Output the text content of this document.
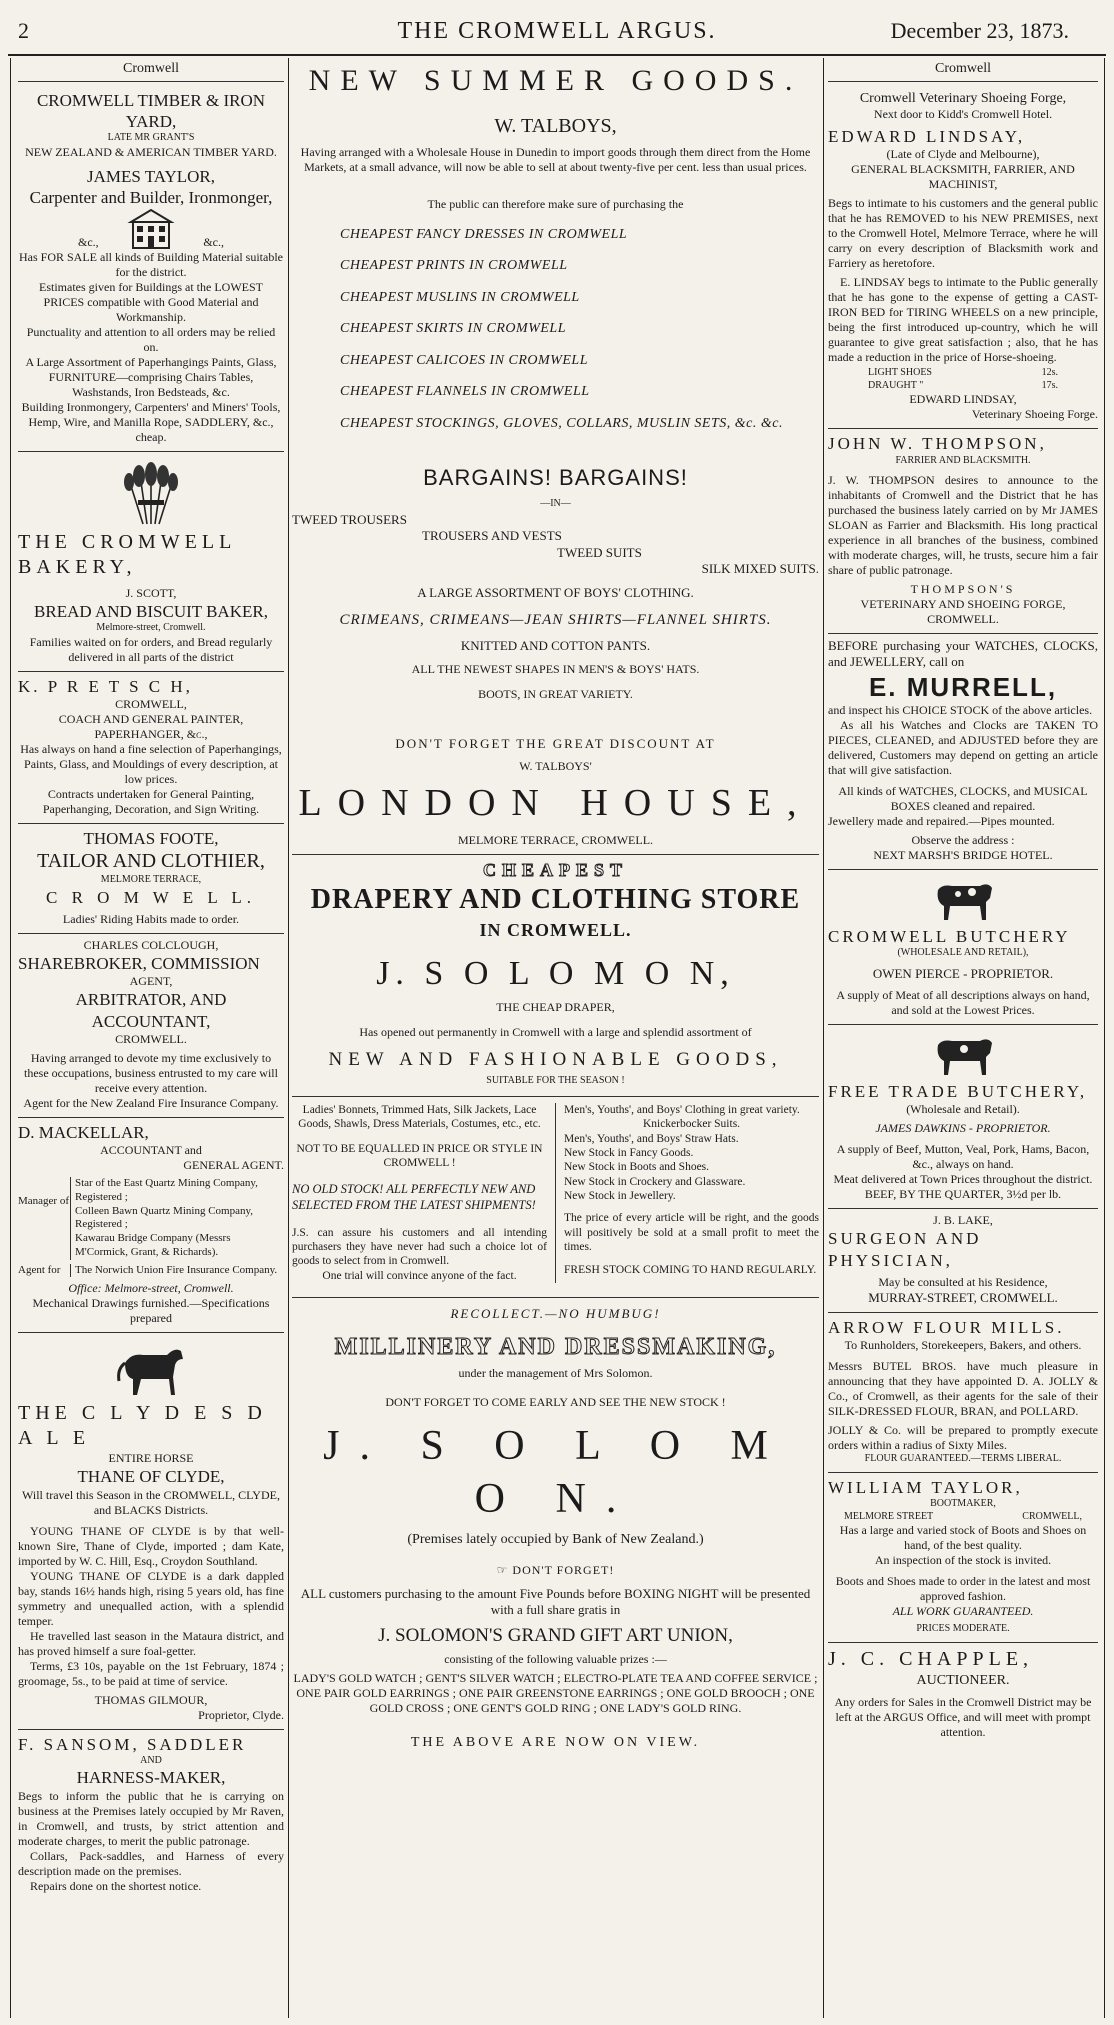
2	THE CROMWELL ARGUS.	December 23, 1873.
Cromwell
CROMWELL TIMBER & IRON YARD,
LATE MR GRANT'S
NEW ZEALAND & AMERICAN TIMBER YARD.
JAMES TAYLOR,
Carpenter and Builder, Ironmonger,
&c.,	&c.,
Has FOR SALE all kinds of Building Material suitable for the district.
Estimates given for Buildings at the LOWEST PRICES compatible with Good Material and Workmanship.
Punctuality and attention to all orders may be relied on.
A Large Assortment of Paperhangings Paints, Glass, FURNITURE—comprising Chairs Tables, Washstands, Iron Bedsteads, &c.
Building Ironmongery, Carpenters' and Miners' Tools, Hemp, Wire, and Manilla Rope, SADDLERY, &c., cheap.
THE CROMWELL BAKERY,
J. SCOTT,
BREAD AND BISCUIT BAKER,
Melmore-street, Cromwell.
Families waited on for orders, and Bread regularly delivered in all parts of the district
K. P R E T S C H,
CROMWELL,
COACH AND GENERAL PAINTER, PAPERHANGER, &c.,
Has always on hand a fine selection of Paperhangings, Paints, Glass, and Mouldings of every description, at low prices.
Contracts undertaken for General Painting, Paperhanging, Decoration, and Sign Writing.
THOMAS FOOTE,
TAILOR AND CLOTHIER,
MELMORE TERRACE,
C R O M W E L L.
Ladies' Riding Habits made to order.
CHARLES COLCLOUGH,
SHAREBROKER, COMMISSION
AGENT,
ARBITRATOR, AND ACCOUNTANT,
CROMWELL.
Having arranged to devote my time exclusively to these occupations, business entrusted to my care will receive every attention.
Agent for the New Zealand Fire Insurance Company.
D. MACKELLAR,
ACCOUNTANT and
GENERAL AGENT.
Manager of
Star of the East Quartz Mining Company, Registered ;
Colleen Bawn Quartz Mining Company, Registered ;
Kawarau Bridge Company (Messrs M'Cormick, Grant, & Richards).
Agent for	The Norwich Union Fire Insurance Company.
Office: Melmore-street, Cromwell.
Mechanical Drawings furnished.—Specifications prepared
THE C L Y D E S D A L E
ENTIRE HORSE
THANE OF CLYDE,
Will travel this Season in the CROMWELL, CLYDE, and BLACKS Districts.
YOUNG THANE OF CLYDE is by that well-known Sire, Thane of Clyde, imported ; dam Kate, imported by W. C. Hill, Esq., Croydon Southland.
YOUNG THANE OF CLYDE is a dark dappled bay, stands 16½ hands high, rising 5 years old, has fine symmetry and unequalled action, with a splendid temper.
He travelled last season in the Mataura district, and has proved himself a sure foal-getter.
Terms, £3 10s, payable on the 1st February, 1874 ; groomage, 5s., to be paid at time of service.
THOMAS GILMOUR,
Proprietor, Clyde.
F. SANSOM, SADDLER
AND
HARNESS-MAKER,
Begs to inform the public that he is carrying on business at the Premises lately occupied by Mr Raven, in Cromwell, and trusts, by strict attention and moderate charges, to merit the public patronage.
Collars, Pack-saddles, and Harness of every description made on the premises.
Repairs done on the shortest notice.
NEW SUMMER GOODS.
W. TALBOYS,
Having arranged with a Wholesale House in Dunedin to import goods through them direct from the Home Markets, at a small advance, will now be able to sell at about twenty-five per cent. less than usual prices.
The public can therefore make sure of purchasing the
CHEAPEST FANCY DRESSES IN CROMWELL
CHEAPEST PRINTS IN CROMWELL
CHEAPEST MUSLINS IN CROMWELL
CHEAPEST SKIRTS IN CROMWELL
CHEAPEST CALICOES IN CROMWELL
CHEAPEST FLANNELS IN CROMWELL
CHEAPEST STOCKINGS, GLOVES, COLLARS, MUSLIN SETS, &c. &c.
BARGAINS! BARGAINS!
—IN—
TWEED TROUSERS
TROUSERS AND VESTS
TWEED SUITS
SILK MIXED SUITS.
A LARGE ASSORTMENT OF BOYS' CLOTHING.
CRIMEANS, CRIMEANS—JEAN SHIRTS—FLANNEL SHIRTS.
KNITTED AND COTTON PANTS.
ALL THE NEWEST SHAPES IN MEN'S & BOYS' HATS.
BOOTS, IN GREAT VARIETY.
DON'T FORGET THE GREAT DISCOUNT AT
W. TALBOYS'
LONDON HOUSE,
MELMORE TERRACE, CROMWELL.
CHEAPEST
DRAPERY AND CLOTHING STORE
IN CROMWELL.
J. S O L O M O N,
THE CHEAP DRAPER,
Has opened out permanently in Cromwell with a large and splendid assortment of
NEW AND FASHIONABLE GOODS,
SUITABLE FOR THE SEASON !
Ladies' Bonnets, Trimmed Hats, Silk Jackets, Lace Goods, Shawls, Dress Materials, Costumes, etc., etc.
NOT TO BE EQUALLED IN PRICE OR STYLE IN CROMWELL !
NO OLD STOCK! ALL PERFECTLY NEW AND SELECTED FROM THE LATEST SHIPMENTS!
J.S. can assure his customers and all intending purchasers they have never had such a choice lot of goods to select from in Cromwell.
One trial will convince anyone of the fact.
Men's, Youths', and Boys' Clothing in great variety.
Knickerbocker Suits.
Men's, Youths', and Boys' Straw Hats.
New Stock in Fancy Goods.
New Stock in Boots and Shoes.
New Stock in Crockery and Glassware.
New Stock in Jewellery.
The price of every article will be right, and the goods will positively be sold at a small profit to meet the times.
FRESH STOCK COMING TO HAND REGULARLY.
RECOLLECT.—NO HUMBUG!
MILLINERY AND DRESSMAKING,
under the management of Mrs Solomon.
DON'T FORGET TO COME EARLY AND SEE THE NEW STOCK !
J. S O L O M O N.
(Premises lately occupied by Bank of New Zealand.)
☞ DON'T FORGET!
ALL customers purchasing to the amount Five Pounds before BOXING NIGHT will be presented with a full share gratis in
J. SOLOMON'S GRAND GIFT ART UNION,
consisting of the following valuable prizes :—
LADY'S GOLD WATCH ; GENT'S SILVER WATCH ; ELECTRO-PLATE TEA AND COFFEE SERVICE ; ONE PAIR GOLD EARRINGS ; ONE PAIR GREENSTONE EARRINGS ; ONE GOLD BROOCH ; ONE GOLD CROSS ; ONE GENT'S GOLD RING ; ONE LADY'S GOLD RING.
THE ABOVE ARE NOW ON VIEW.
Cromwell
Cromwell Veterinary Shoeing Forge,
Next door to Kidd's Cromwell Hotel.
EDWARD LINDSAY,
(Late of Clyde and Melbourne),
GENERAL BLACKSMITH, FARRIER, AND MACHINIST,
Begs to intimate to his customers and the general public that he has REMOVED to his NEW PREMISES, next to the Cromwell Hotel, Melmore Terrace, where he will carry on every description of Blacksmith work and Farriery as heretofore.
E. LINDSAY begs to intimate to the Public generally that he has gone to the expense of getting a CAST-IRON BED for TIRING WHEELS on a new principle, being the first introduced up-country, which he will guarantee to give great satisfaction ; also, that he has made a reduction in the price of Horse-shoeing.
LIGHT SHOES	12s.
DRAUGHT "	17s.
EDWARD LINDSAY,
Veterinary Shoeing Forge.
JOHN W. THOMPSON,
FARRIER AND BLACKSMITH.
J. W. THOMPSON desires to announce to the inhabitants of Cromwell and the District that he has purchased the business lately carried on by Mr JAMES SLOAN as Farrier and Blacksmith. His long practical experience in all branches of the business, combined with moderate charges, will, he trusts, secure him a fair share of public patronage.
THOMPSON'S
VETERINARY AND SHOEING FORGE,
CROMWELL.
BEFORE purchasing your WATCHES, CLOCKS, and JEWELLERY, call on
E. MURRELL,
and inspect his CHOICE STOCK of the above articles.
As all his Watches and Clocks are TAKEN TO PIECES, CLEANED, and ADJUSTED before they are delivered, Customers may depend on getting an article that will give satisfaction.
All kinds of WATCHES, CLOCKS, and MUSICAL BOXES cleaned and repaired.
Jewellery made and repaired.—Pipes mounted.
Observe the address :
NEXT MARSH'S BRIDGE HOTEL.
CROMWELL BUTCHERY
(WHOLESALE AND RETAIL),
OWEN PIERCE - PROPRIETOR.
A supply of Meat of all descriptions always on hand, and sold at the Lowest Prices.
FREE TRADE BUTCHERY,
(Wholesale and Retail).
JAMES DAWKINS - PROPRIETOR.
A supply of Beef, Mutton, Veal, Pork, Hams, Bacon, &c., always on hand.
Meat delivered at Town Prices throughout the district.
BEEF, BY THE QUARTER, 3½d per lb.
J. B. LAKE,
SURGEON AND PHYSICIAN,
May be consulted at his Residence,
MURRAY-STREET, CROMWELL.
ARROW FLOUR MILLS.
To Runholders, Storekeepers, Bakers, and others.
Messrs BUTEL BROS. have much pleasure in announcing that they have appointed D. A. JOLLY & Co., of Cromwell, as their agents for the sale of their SILK-DRESSED FLOUR, BRAN, and POLLARD.
JOLLY & Co. will be prepared to promptly execute orders within a radius of Sixty Miles.
FLOUR GUARANTEED.—TERMS LIBERAL.
WILLIAM TAYLOR,
BOOTMAKER,
MELMORE STREET	CROMWELL,
Has a large and varied stock of Boots and Shoes on hand, of the best quality.
An inspection of the stock is invited.
Boots and Shoes made to order in the latest and most approved fashion.
ALL WORK GUARANTEED.
PRICES MODERATE.
J. C. CHAPPLE,
AUCTIONEER.
Any orders for Sales in the Cromwell District may be left at the ARGUS Office, and will meet with prompt attention.
